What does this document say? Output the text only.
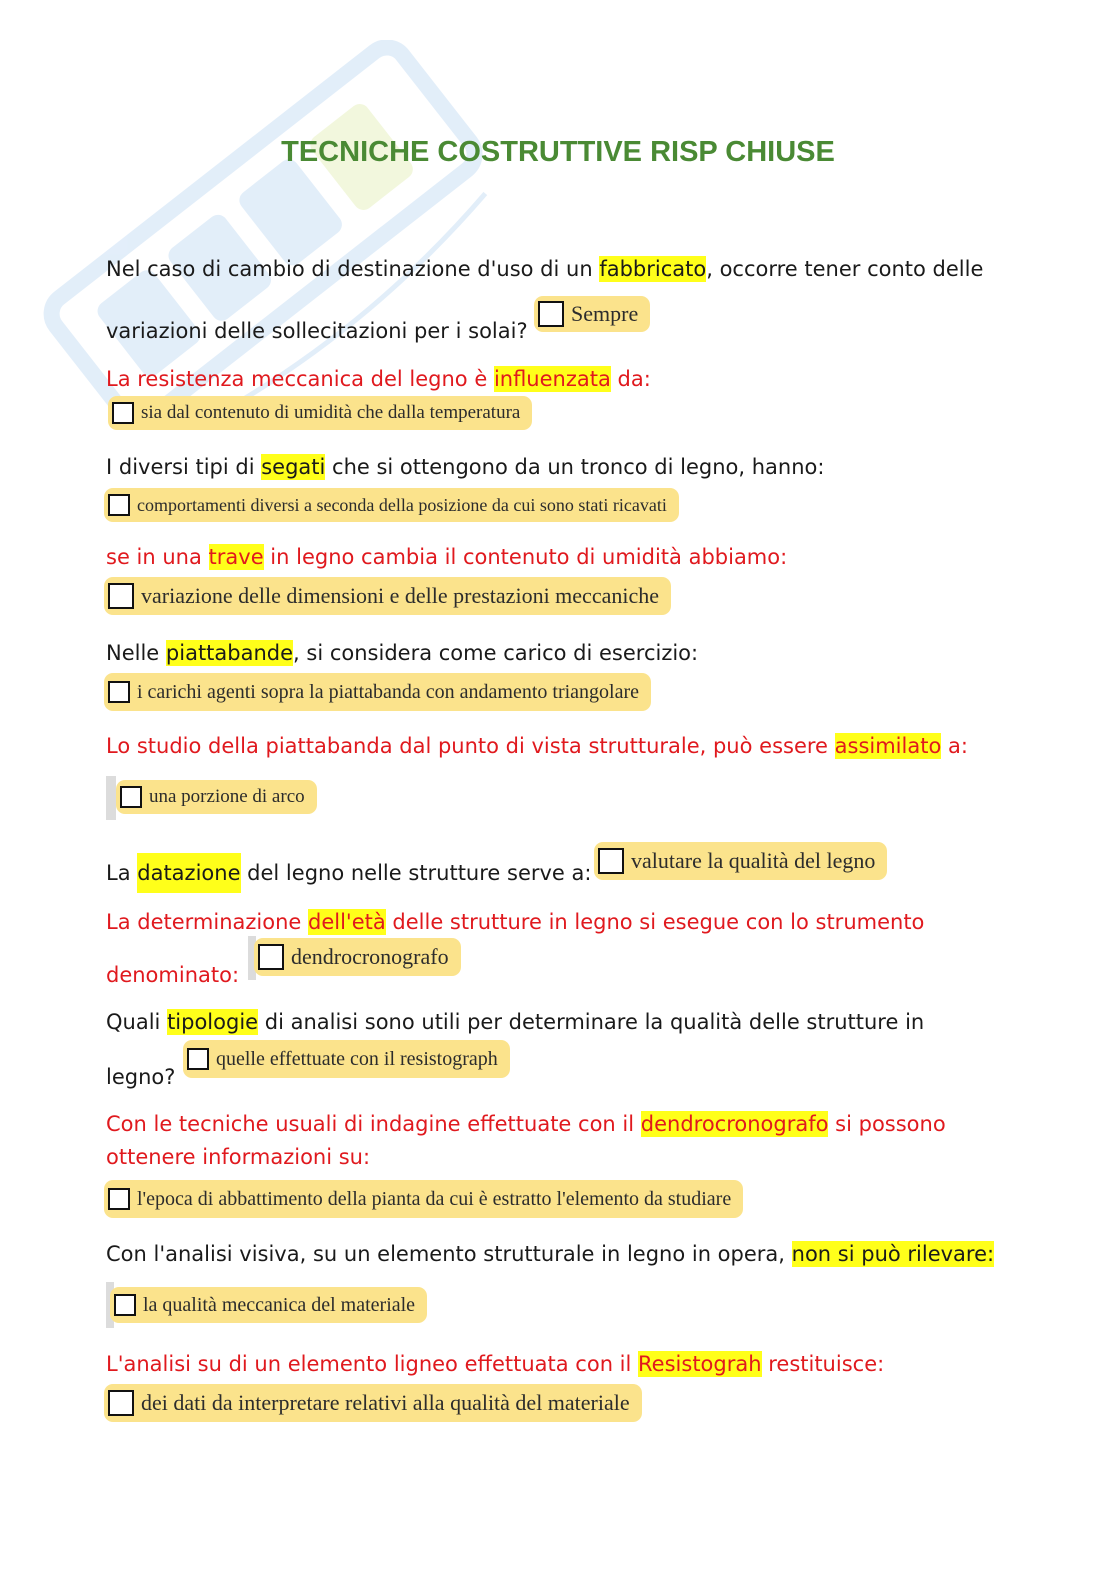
TECNICHE COSTRUTTIVE RISP CHIUSE
Nel caso di cambio di destinazione d'uso di un fabbricato, occorre tener conto delle
variazioni delle sollecitazioni per i solai?
Sempre
La resistenza meccanica del legno è influenzata da:
sia dal contenuto di umidità che dalla temperatura
I diversi tipi di segati che si ottengono da un tronco di legno, hanno:
comportamenti diversi a seconda della posizione da cui sono stati ricavati
se in una trave in legno cambia il contenuto di umidità abbiamo:
variazione delle dimensioni e delle prestazioni meccaniche
Nelle piattabande, si considera come carico di esercizio:
i carichi agenti sopra la piattabanda con andamento triangolare
Lo studio della piattabanda dal punto di vista strutturale, può essere assimilato a:
una porzione di arco
La datazione del legno nelle strutture serve a: valutare la qualità del legno
La determinazione dell'età delle strutture in legno si esegue con lo strumento
denominato:
dendrocronografo
Quali tipologie di analisi sono utili per determinare la qualità delle strutture in
legno?
quelle effettuate con il resistograph
Con le tecniche usuali di indagine effettuate con il dendrocronografo si possono
ottenere informazioni su:
l'epoca di abbattimento della pianta da cui è estratto l'elemento da studiare
Con l'analisi visiva, su un elemento strutturale in legno in opera, non si può rilevare:
la qualità meccanica del materiale
L'analisi su di un elemento ligneo effettuata con il Resistograh restituisce:
dei dati da interpretare relativi alla qualità del materiale
